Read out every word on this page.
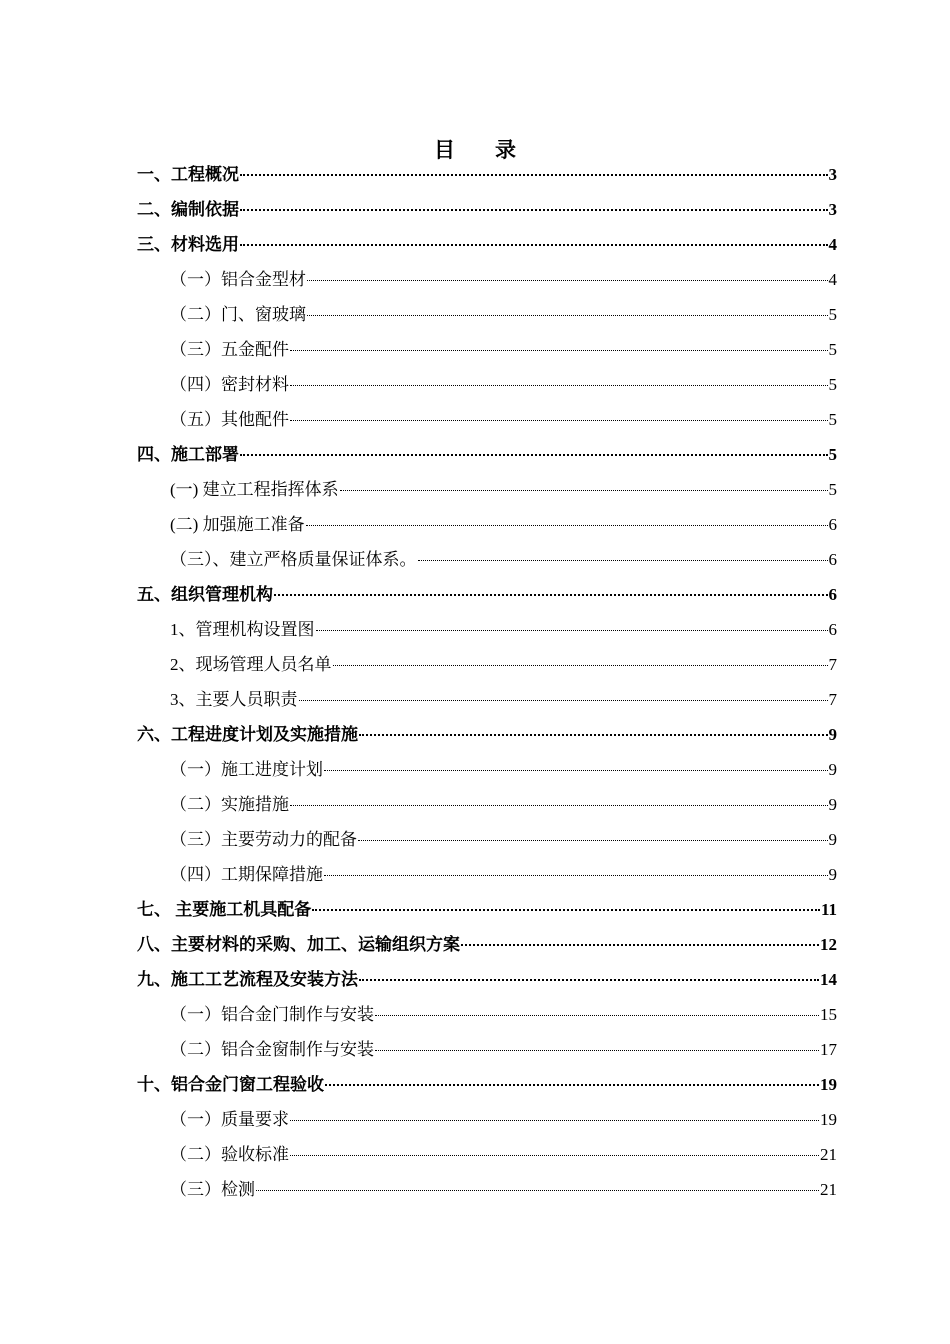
目 录
一、工程概况	3
二、编制依据	3
三、材料选用	4
（一）铝合金型材	4
（二）门、窗玻璃	5
（三）五金配件	5
（四）密封材料	5
（五）其他配件	5
四、施工部署	5
(一) 建立工程指挥体系	5
(二) 加强施工准备	6
（三）、建立严格质量保证体系。	6
五、组织管理机构	6
1、管理机构设置图	6
2、现场管理人员名单	7
3、主要人员职责	7
六、工程进度计划及实施措施	9
（一）施工进度计划	9
（二）实施措施	9
（三）主要劳动力的配备	9
（四）工期保障措施	9
七、 主要施工机具配备	11
八、主要材料的采购、加工、运输组织方案	12
九、施工工艺流程及安装方法	14
（一）铝合金门制作与安装	15
（二）铝合金窗制作与安装	17
十、铝合金门窗工程验收	19
（一）质量要求	19
（二）验收标准	21
（三）检测	21
